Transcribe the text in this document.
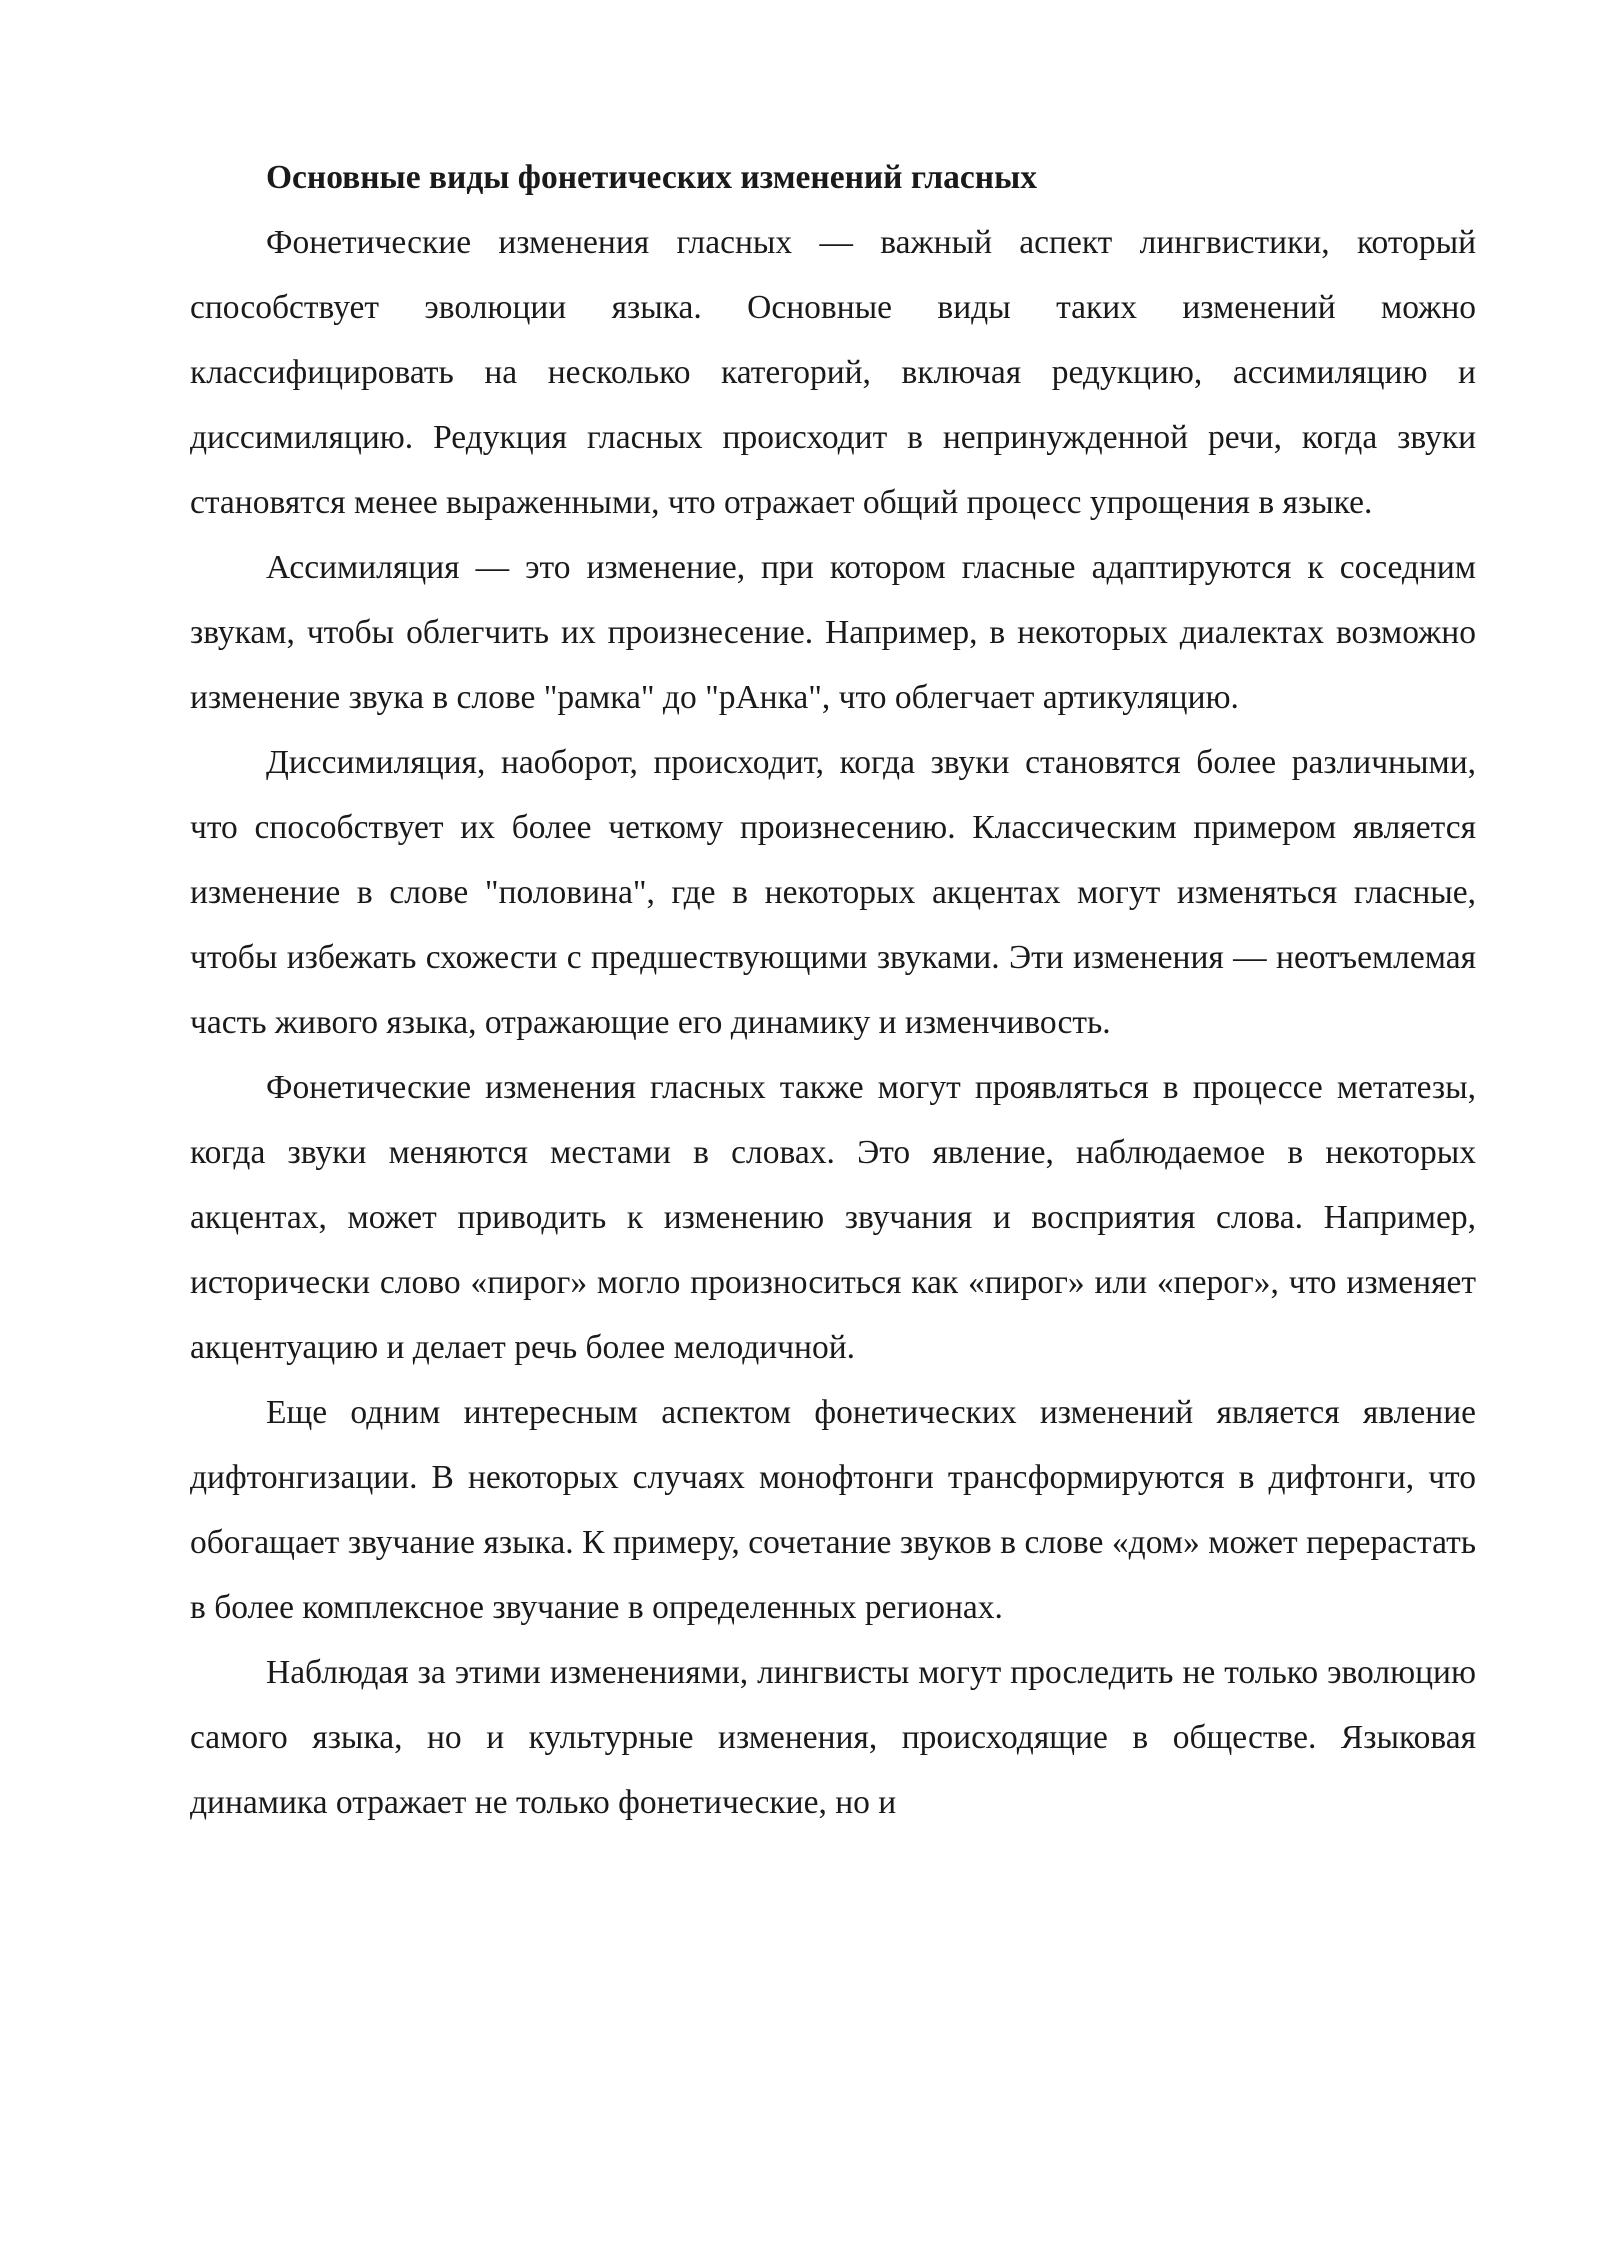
Основные виды фонетических изменений гласных

Фонетические изменения гласных — важный аспект лингвистики, который способствует эволюции языка. Основные виды таких изменений можно классифицировать на несколько категорий, включая редукцию, ассимиляцию и диссимиляцию. Редукция гласных происходит в непринужденной речи, когда звуки становятся менее выраженными, что отражает общий процесс упрощения в языке.

Ассимиляция — это изменение, при котором гласные адаптируются к соседним звукам, чтобы облегчить их произнесение. Например, в некоторых диалектах возможно изменение звука в слове "рамка" до "рАнка", что облегчает артикуляцию.

Диссимиляция, наоборот, происходит, когда звуки становятся более различными, что способствует их более четкому произнесению. Классическим примером является изменение в слове "половина", где в некоторых акцентах могут изменяться гласные, чтобы избежать схожести с предшествующими звуками. Эти изменения — неотъемлемая часть живого языка, отражающие его динамику и изменчивость.

Фонетические изменения гласных также могут проявляться в процессе метатезы, когда звуки меняются местами в словах. Это явление, наблюдаемое в некоторых акцентах, может приводить к изменению звучания и восприятия слова. Например, исторически слово «пирог» могло произноситься как «пирог» или «перог», что изменяет акцентуацию и делает речь более мелодичной.

Еще одним интересным аспектом фонетических изменений является явление дифтонгизации. В некоторых случаях монофтонги трансформируются в дифтонги, что обогащает звучание языка. К примеру, сочетание звуков в слове «дом» может перерастать в более комплексное звучание в определенных регионах.

Наблюдая за этими изменениями, лингвисты могут проследить не только эволюцию самого языка, но и культурные изменения, происходящие в обществе. Языковая динамика отражает не только фонетические, но и
